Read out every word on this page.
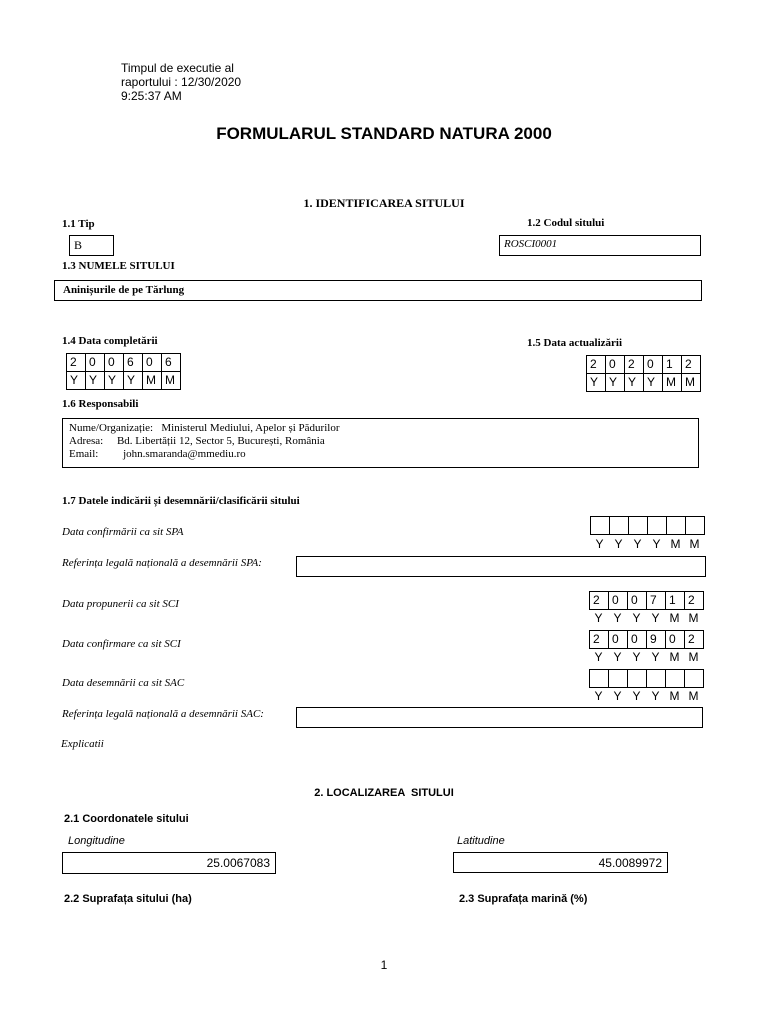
Timpul de executie al
raportului : 12/30/2020
9:25:37 AM
FORMULARUL STANDARD NATURA 2000
1. IDENTIFICAREA SITULUI
1.1 Tip
B
1.2 Codul sitului
ROSCI0001
1.3 NUMELE SITULUI
Aninișurile de pe Tărlung
1.4 Data completării
2	0	0	6	0	6
Y Y Y Y M M
1.5 Data actualizării
2	0	2	0	1	2
Y Y Y Y M M
1.6 Responsabili
Nume/Organizație:   Ministerul Mediului, Apelor și Pădurilor
Adresa:     Bd. Libertății 12, Sector 5, București, România
Email:         john.smaranda@mmediu.ro
1.7 Datele indicării și desemnării/clasificării sitului
Data confirmării ca sit SPA
Y Y Y Y M M
Referința legală națională a desemnării SPA:
Data propunerii ca sit SCI	2	0	0	7	1	2
Y Y Y Y M M
Data confirmare ca sit SCI	2	0	0	9	0	2
Y Y Y Y M M
Data desemnării ca sit SAC
Y Y Y Y M M
Referința legală națională a desemnării SAC:
Explicatii
2. LOCALIZAREA  SITULUI
2.1 Coordonatele sitului
Longitudine
25.0067083
Latitudine
45.0089972
2.2 Suprafața sitului (ha)	2.3 Suprafața marină (%)
1
